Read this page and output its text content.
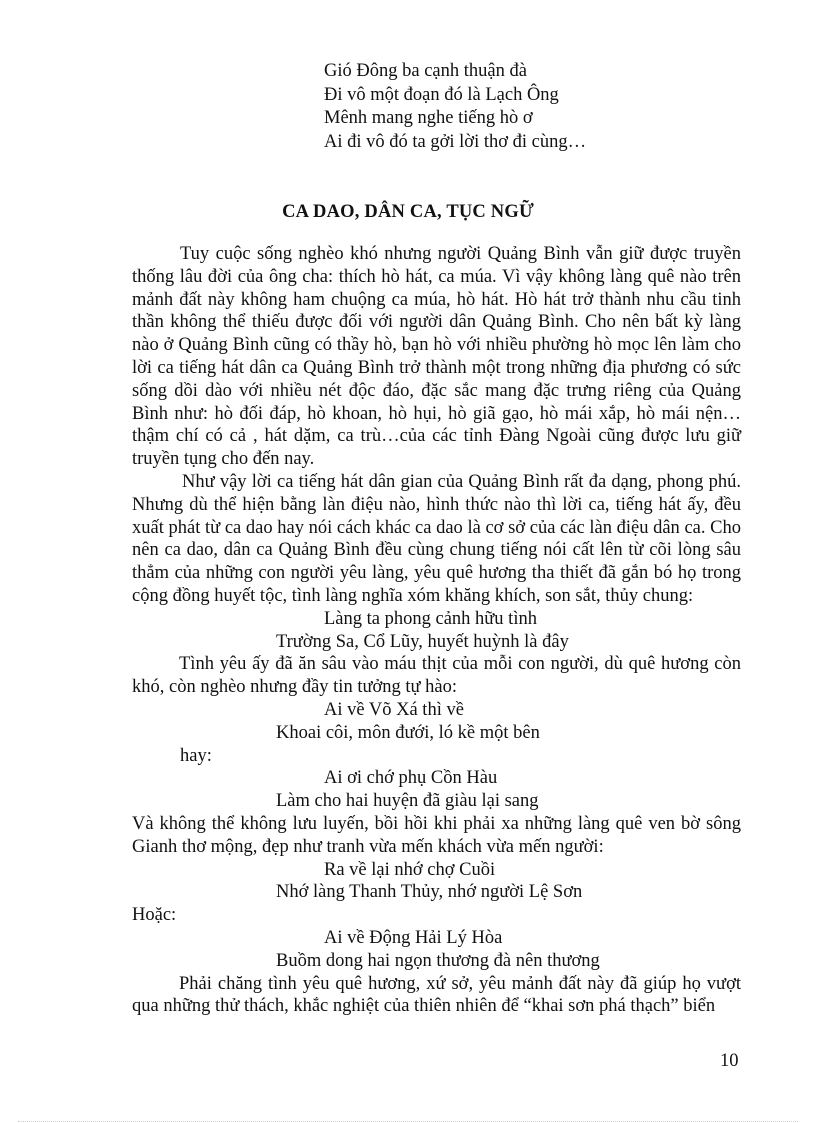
Gió Đông ba cạnh thuận đà
Đi vô một đoạn đó là Lạch Ông
Mênh mang nghe tiếng hò ơ
Ai đi vô đó ta gởi lời thơ đi cùng…
CA DAO, DÂN CA, TỤC NGỮ

Tuy cuộc sống nghèo khó nhưng người Quảng Bình vẫn giữ được truyền thống lâu đời của ông cha: thích hò hát, ca múa. Vì vậy không làng quê nào trên mảnh đất này không ham chuộng ca múa, hò hát. Hò hát trở thành nhu cầu tinh thần không thể thiếu được đối với người dân Quảng Bình. Cho nên bất kỳ làng nào ở Quảng Bình cũng có thầy hò, bạn hò với nhiều phường hò mọc lên làm cho lời ca tiếng hát dân ca Quảng Bình trở thành một trong những địa phương có sức sống dồi dào với nhiều nét độc đáo, đặc sắc mang đặc trưng riêng của Quảng Bình như: hò đối đáp, hò khoan, hò hụi, hò giã gạo, hò mái xắp, hò mái nện… thậm chí có cả , hát dặm, ca trù…của các tỉnh Đàng Ngoài cũng được lưu giữ truyền tụng cho đến nay.

Như vậy lời ca tiếng hát dân gian của Quảng Bình rất đa dạng, phong phú. Nhưng dù thể hiện bằng làn điệu nào, hình thức nào thì lời ca, tiếng hát ấy, đều xuất phát từ ca dao hay nói cách khác ca dao là cơ sở của các làn điệu dân ca. Cho nên ca dao, dân ca Quảng Bình đều cùng chung tiếng nói cất lên từ cõi lòng sâu thẳm của những con người yêu làng, yêu quê hương tha thiết đã gắn bó họ trong cộng đồng huyết tộc, tình làng nghĩa xóm khăng khích, son sắt, thủy chung:

Làng ta phong cảnh hữu tình
Trường Sa, Cổ Lũy, huyết huỳnh là đây

Tình yêu ấy đã ăn sâu vào máu thịt của mỗi con người, dù quê hương còn khó, còn nghèo nhưng đầy tin tưởng tự hào:

Ai về Võ Xá thì về
Khoai côi, môn đưới, ló kề một bên
hay:
Ai ơi chớ phụ Cồn Hàu
Làm cho hai huyện đã giàu lại sang

Và không thể không lưu luyến, bồi hồi khi phải xa những làng quê ven bờ sông Gianh thơ mộng, đẹp như tranh vừa mến khách vừa mến người:

Ra về lại nhớ chợ Cuồi
Nhớ làng Thanh Thủy, nhớ người Lệ Sơn

Hoặc:

Ai về Động Hải Lý Hòa
Buồm dong hai ngọn thương đà nên thương

Phải chăng tình yêu quê hương, xứ sở, yêu mảnh đất này đã giúp họ vượt qua những thử thách, khắc nghiệt của thiên nhiên để “khai sơn phá thạch” biển

10
